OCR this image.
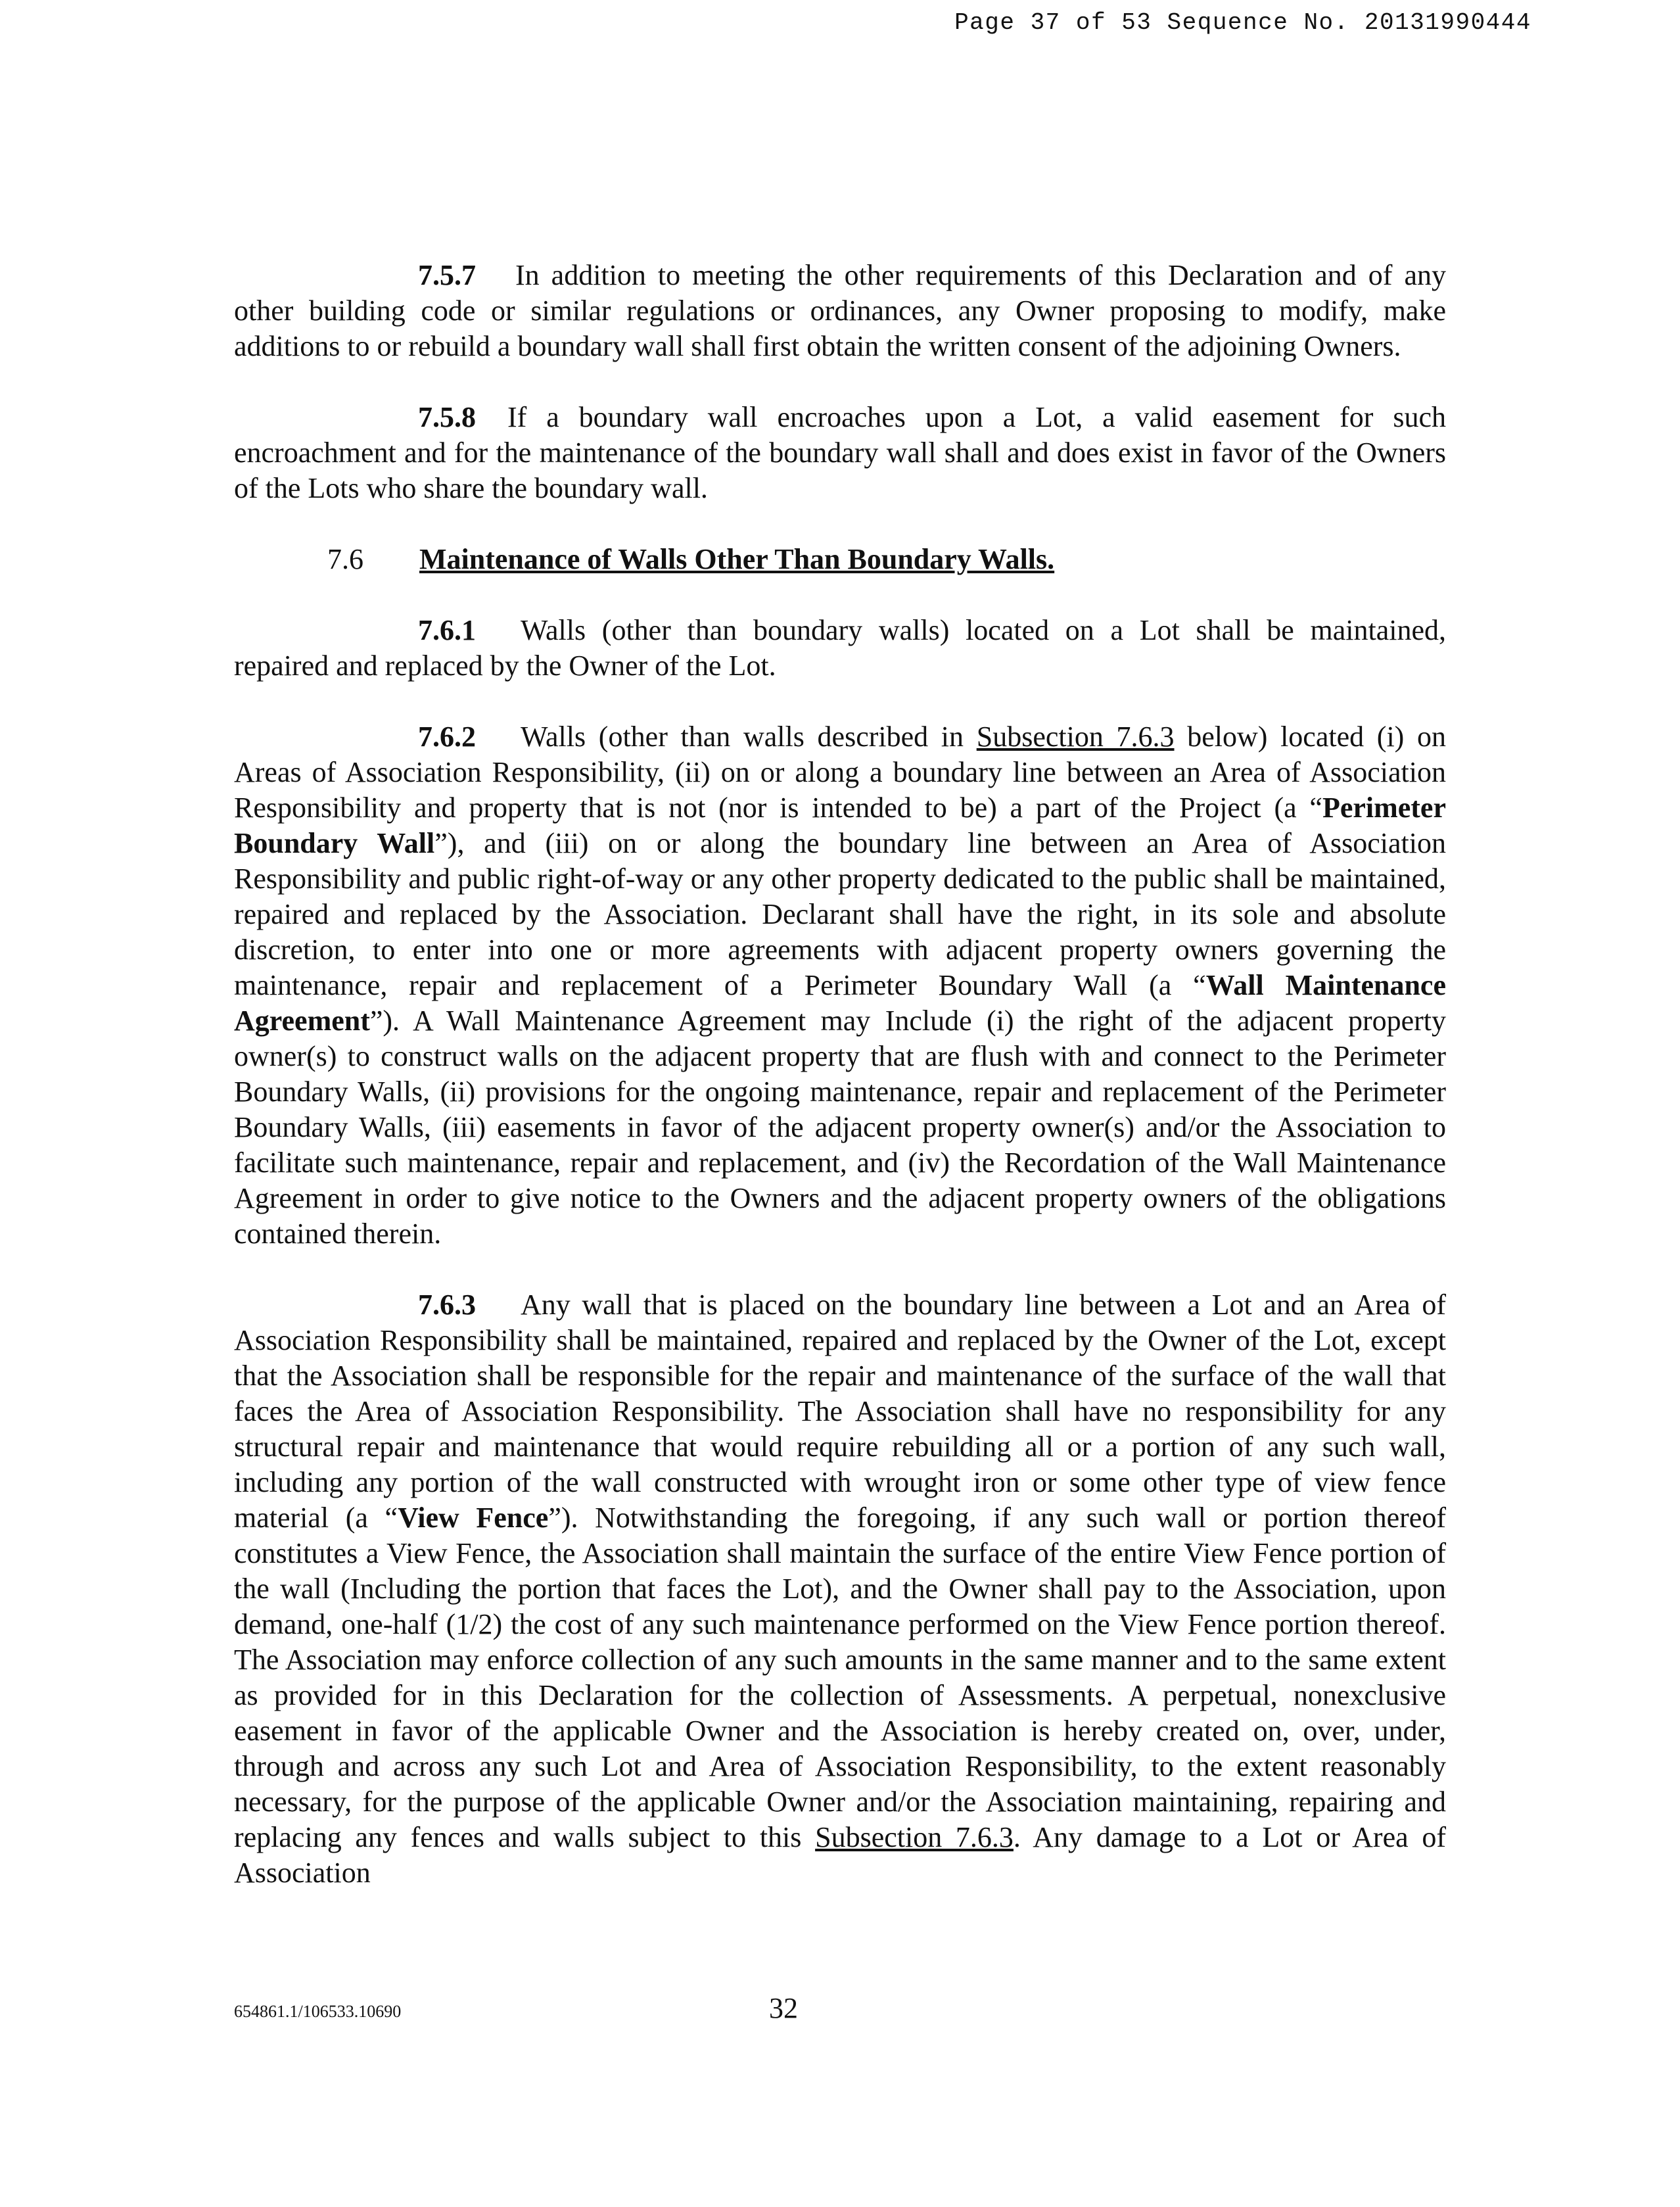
Page 37 of 53 Sequence No. 20131990444

7.5.7 In addition to meeting the other requirements of this Declaration and of any other building code or similar regulations or ordinances, any Owner proposing to modify, make additions to or rebuild a boundary wall shall first obtain the written consent of the adjoining Owners.

7.5.8 If a boundary wall encroaches upon a Lot, a valid easement for such encroachment and for the maintenance of the boundary wall shall and does exist in favor of the Owners of the Lots who share the boundary wall.

7.6 Maintenance of Walls Other Than Boundary Walls.

7.6.1 Walls (other than boundary walls) located on a Lot shall be maintained, repaired and replaced by the Owner of the Lot.

7.6.2 Walls (other than walls described in Subsection 7.6.3 below) located (i) on Areas of Association Responsibility, (ii) on or along a boundary line between an Area of Association Responsibility and property that is not (nor is intended to be) a part of the Project (a “Perimeter Boundary Wall”), and (iii) on or along the boundary line between an Area of Association Responsibility and public right-of-way or any other property dedicated to the public shall be maintained, repaired and replaced by the Association. Declarant shall have the right, in its sole and absolute discretion, to enter into one or more agreements with adjacent property owners governing the maintenance, repair and replacement of a Perimeter Boundary Wall (a “Wall Maintenance Agreement”). A Wall Maintenance Agreement may Include (i) the right of the adjacent property owner(s) to construct walls on the adjacent property that are flush with and connect to the Perimeter Boundary Walls, (ii) provisions for the ongoing maintenance, repair and replacement of the Perimeter Boundary Walls, (iii) easements in favor of the adjacent property owner(s) and/or the Association to facilitate such maintenance, repair and replacement, and (iv) the Recordation of the Wall Maintenance Agreement in order to give notice to the Owners and the adjacent property owners of the obligations contained therein.

7.6.3 Any wall that is placed on the boundary line between a Lot and an Area of Association Responsibility shall be maintained, repaired and replaced by the Owner of the Lot, except that the Association shall be responsible for the repair and maintenance of the surface of the wall that faces the Area of Association Responsibility. The Association shall have no responsibility for any structural repair and maintenance that would require rebuilding all or a portion of any such wall, including any portion of the wall constructed with wrought iron or some other type of view fence material (a “View Fence”). Notwithstanding the foregoing, if any such wall or portion thereof constitutes a View Fence, the Association shall maintain the surface of the entire View Fence portion of the wall (Including the portion that faces the Lot), and the Owner shall pay to the Association, upon demand, one-half (1/2) the cost of any such maintenance performed on the View Fence portion thereof. The Association may enforce collection of any such amounts in the same manner and to the same extent as provided for in this Declaration for the collection of Assessments. A perpetual, nonexclusive easement in favor of the applicable Owner and the Association is hereby created on, over, under, through and across any such Lot and Area of Association Responsibility, to the extent reasonably necessary, for the purpose of the applicable Owner and/or the Association maintaining, repairing and replacing any fences and walls subject to this Subsection 7.6.3. Any damage to a Lot or Area of Association

654861.1/106533.10690	32
